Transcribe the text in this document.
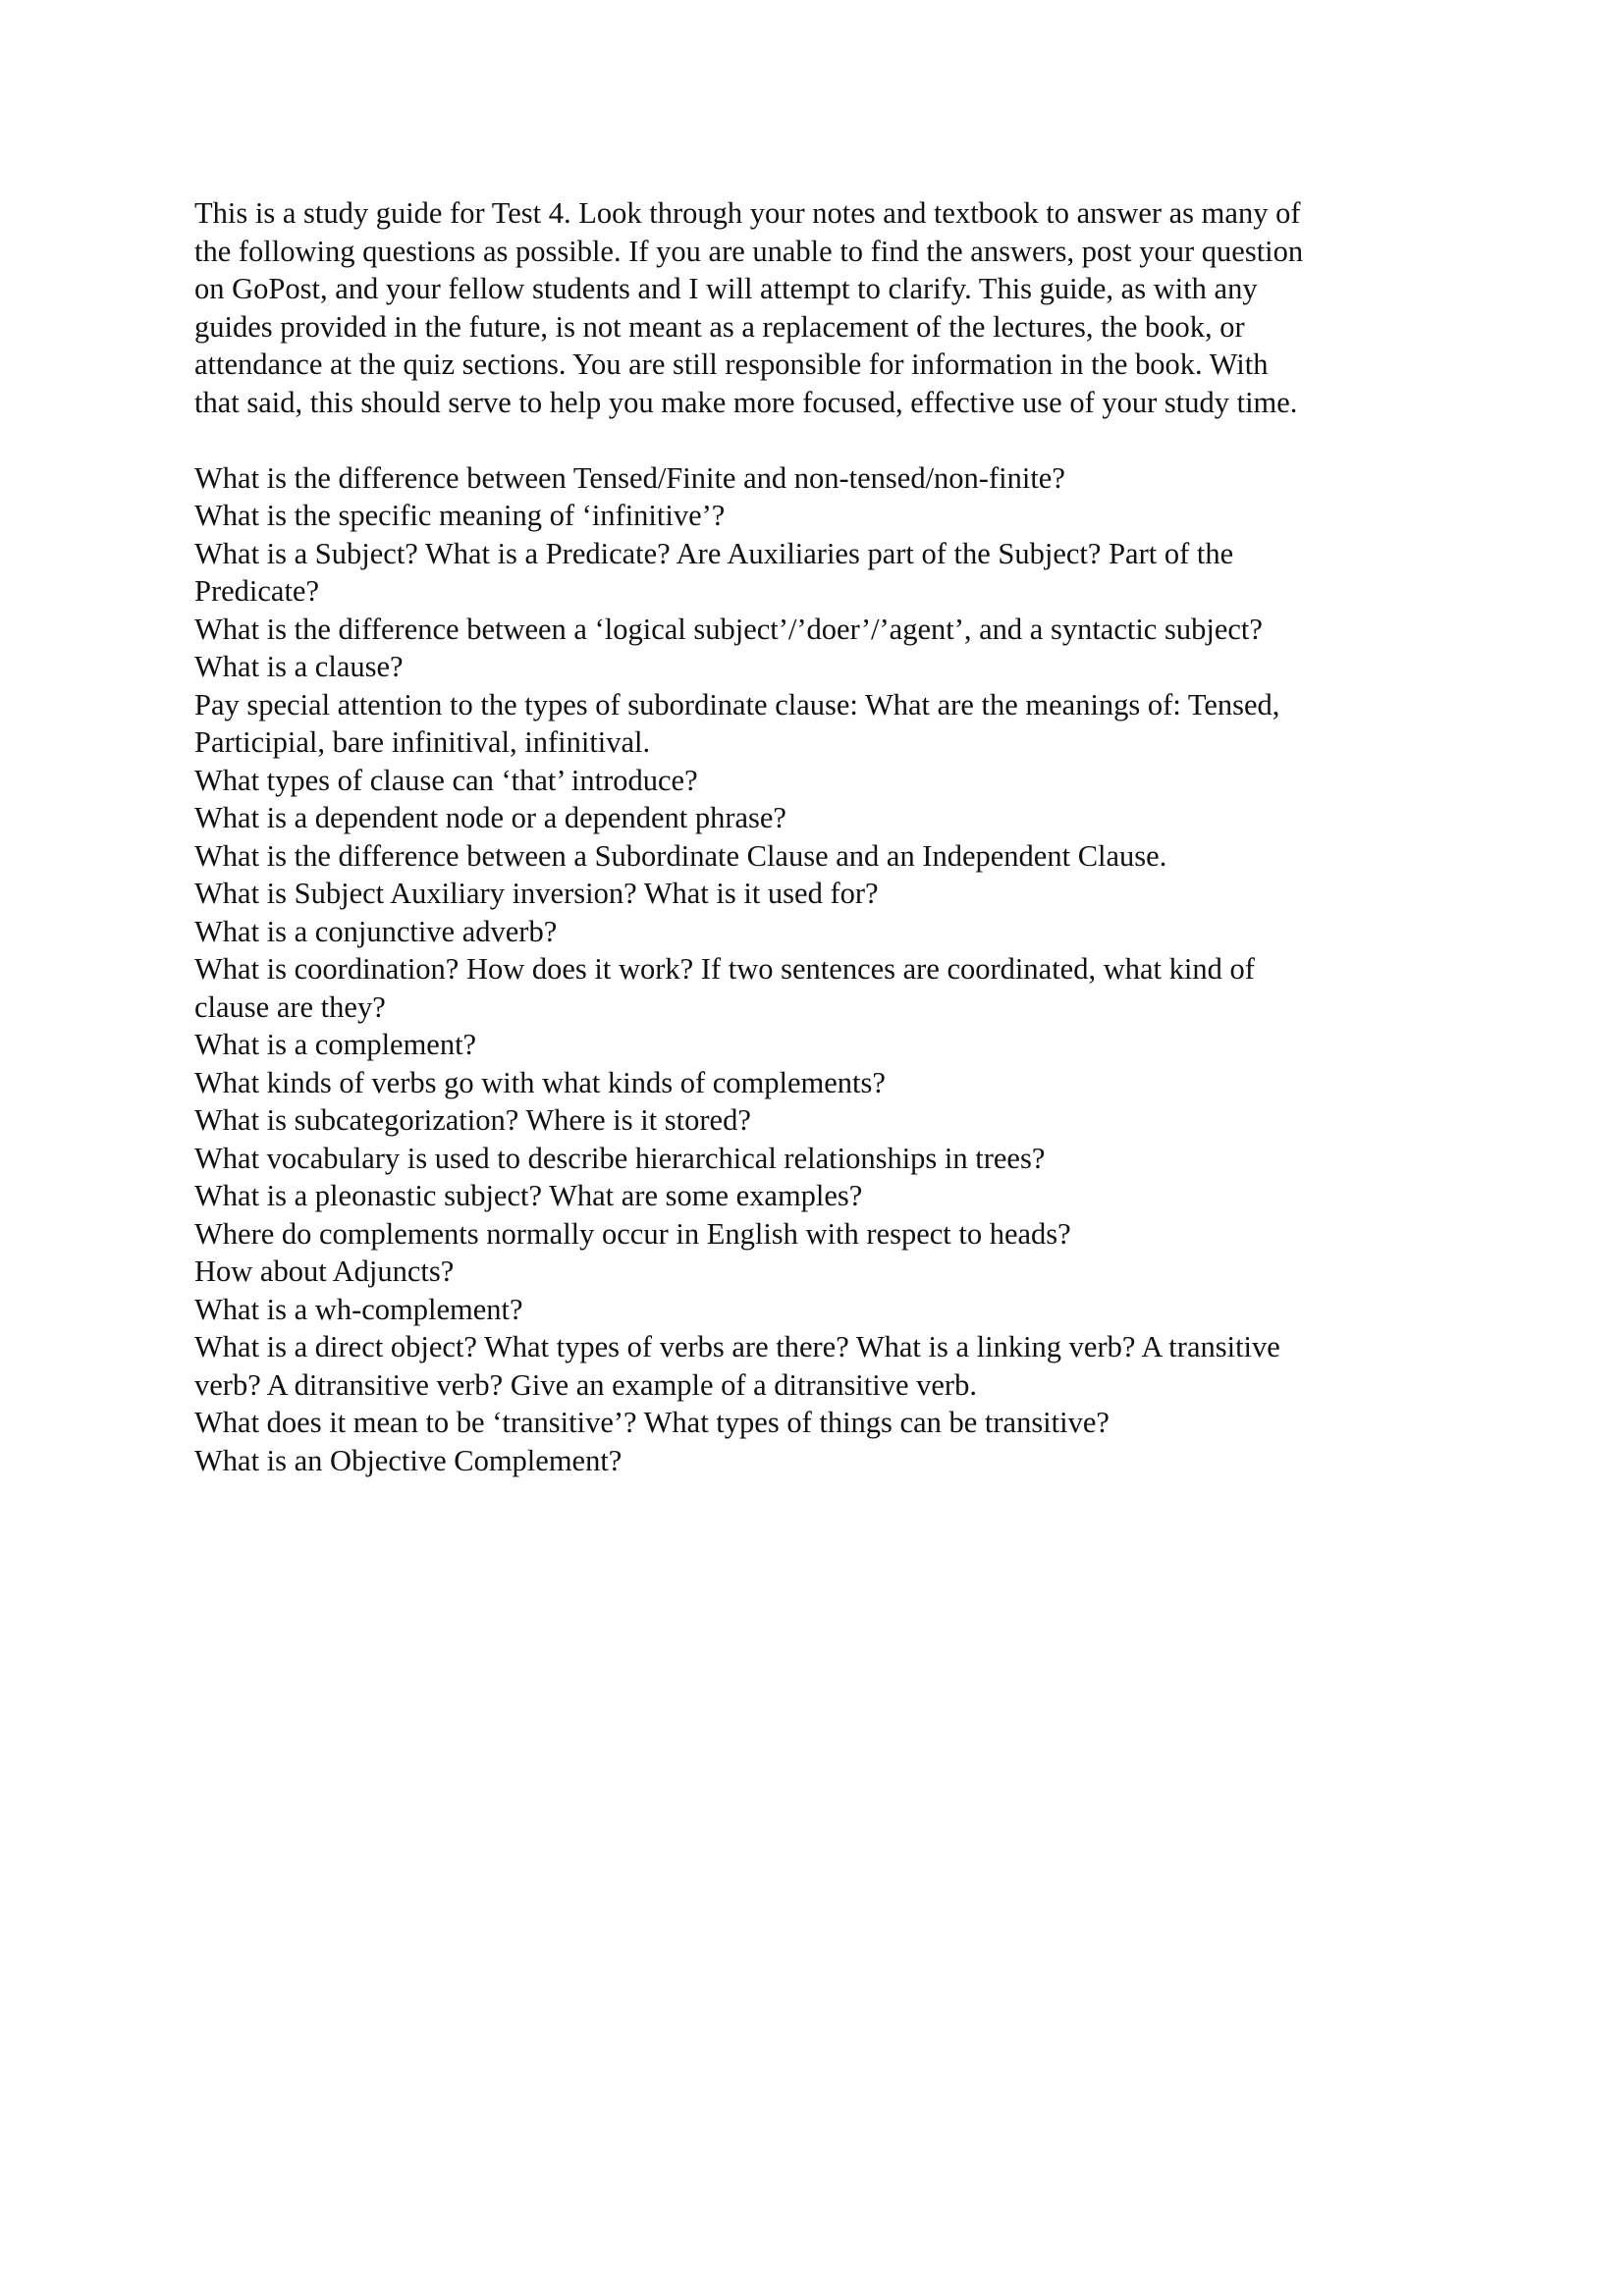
This is a study guide for Test 4. Look through your notes and textbook to answer as many of
the following questions as possible. If you are unable to find the answers, post your question
on GoPost, and your fellow students and I will attempt to clarify. This guide, as with any
guides provided in the future, is not meant as a replacement of the lectures, the book, or
attendance at the quiz sections. You are still responsible for information in the book. With
that said, this should serve to help you make more focused, effective use of your study time.

What is the difference between Tensed/Finite and non-tensed/non-finite?
What is the specific meaning of ‘infinitive’?
What is a Subject? What is a Predicate? Are Auxiliaries part of the Subject? Part of the
Predicate?
What is the difference between a ‘logical subject’/’doer’/’agent’, and a syntactic subject?
What is a clause?
Pay special attention to the types of subordinate clause: What are the meanings of: Tensed,
Participial, bare infinitival, infinitival.
What types of clause can ‘that’ introduce?
What is a dependent node or a dependent phrase?
What is the difference between a Subordinate Clause and an Independent Clause.
What is Subject Auxiliary inversion? What is it used for?
What is a conjunctive adverb?
What is coordination? How does it work? If two sentences are coordinated, what kind of
clause are they?
What is a complement?
What kinds of verbs go with what kinds of complements?
What is subcategorization? Where is it stored?
What vocabulary is used to describe hierarchical relationships in trees?
What is a pleonastic subject? What are some examples?
Where do complements normally occur in English with respect to heads?
How about Adjuncts?
What is a wh-complement?
What is a direct object? What types of verbs are there? What is a linking verb? A transitive
verb? A ditransitive verb? Give an example of a ditransitive verb.
What does it mean to be ‘transitive’? What types of things can be transitive?
What is an Objective Complement?
